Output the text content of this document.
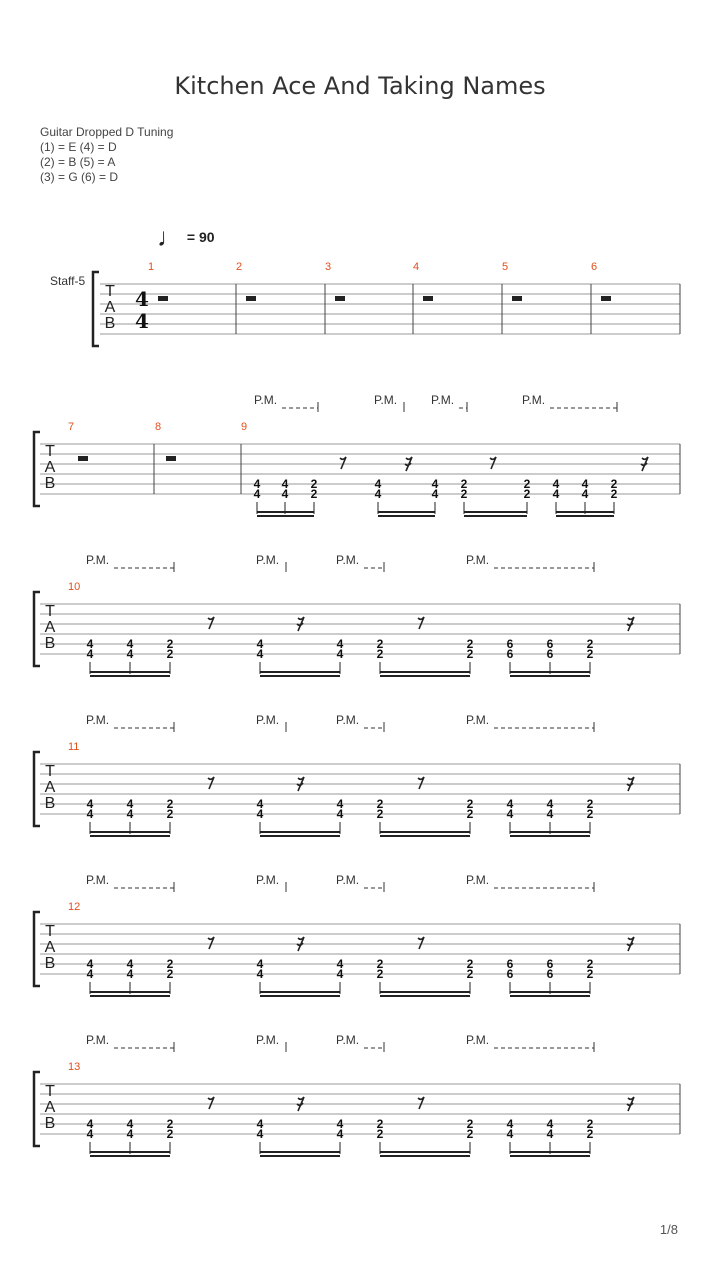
Kitchen Ace And Taking Names
Guitar Dropped D Tuning
(1) = E (4) = D
(2) = B (5) = A
(3) = G (6) = D
♩ = 90
Staff-5
T
A
B
4
4
1	2	3	4	5	6
T
A
B
7	8	9
4
4
4
4
2
2
4
4
4
4
2
2
2
2
4
4
4
4
2
2
P.M.	P.M.	P.M.	P.M.
T
A
B
10
4
4
4
4
2
2
4
4
4
4
2
2
2
2
6
6
6
6
2
2
P.M.	P.M.	P.M.	P.M.
T
A
B
11
4
4
4
4
2
2
4
4
4
4
2
2
2
2
4
4
4
4
2
2
P.M.	P.M.	P.M.	P.M.
T
A
B
12
4
4
4
4
2
2
4
4
4
4
2
2
2
2
6
6
6
6
2
2
P.M.	P.M.	P.M.	P.M.
T
A
B
13
4
4
4
4
2
2
4
4
4
4
2
2
2
2
4
4
4
4
2
2
P.M.	P.M.	P.M.	P.M.
1/8
